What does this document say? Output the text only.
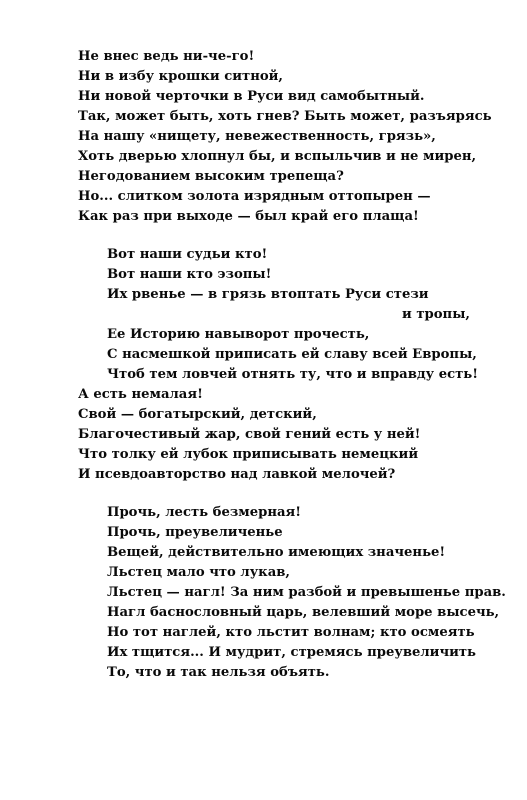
Не внес ведь ни-че-го!
Ни в избу крошки ситной,
Ни новой черточки в Руси вид самобытный.
Так, может быть, хоть гнев? Быть может, разъярясь
На нашу «нищету, невежественность, грязь»,
Хоть дверью хлопнул бы, и вспыльчив и не мирен,
Негодованием высоким трепеща?
Но... слитком золота изрядным оттопырен —
Как раз при выходе — был край его плаща!
Вот наши судьи кто!
Вот наши кто эзопы!
Их рвенье — в грязь втоптать Руси стези
и тропы,
Ее Историю навыворот прочесть,
С насмешкой приписать ей славу всей Европы,
Чтоб тем ловчей отнять ту, что и вправду есть!
А есть немалая!
Свой — богатырский, детский,
Благочестивый жар, свой гений есть у ней!
Что толку ей лубок приписывать немецкий
И псевдоавторство над лавкой мелочей?
Прочь, лесть безмерная!
Прочь, преувеличенье
Вещей, действительно имеющих значенье!
Льстец мало что лукав,
Льстец — нагл! За ним разбой и превышенье прав.
Нагл баснословный царь, велевший море высечь,
Но тот наглей, кто льстит волнам; кто осмеять
Их тщится... И мудрит, стремясь преувеличить
То, что и так нельзя объять.
